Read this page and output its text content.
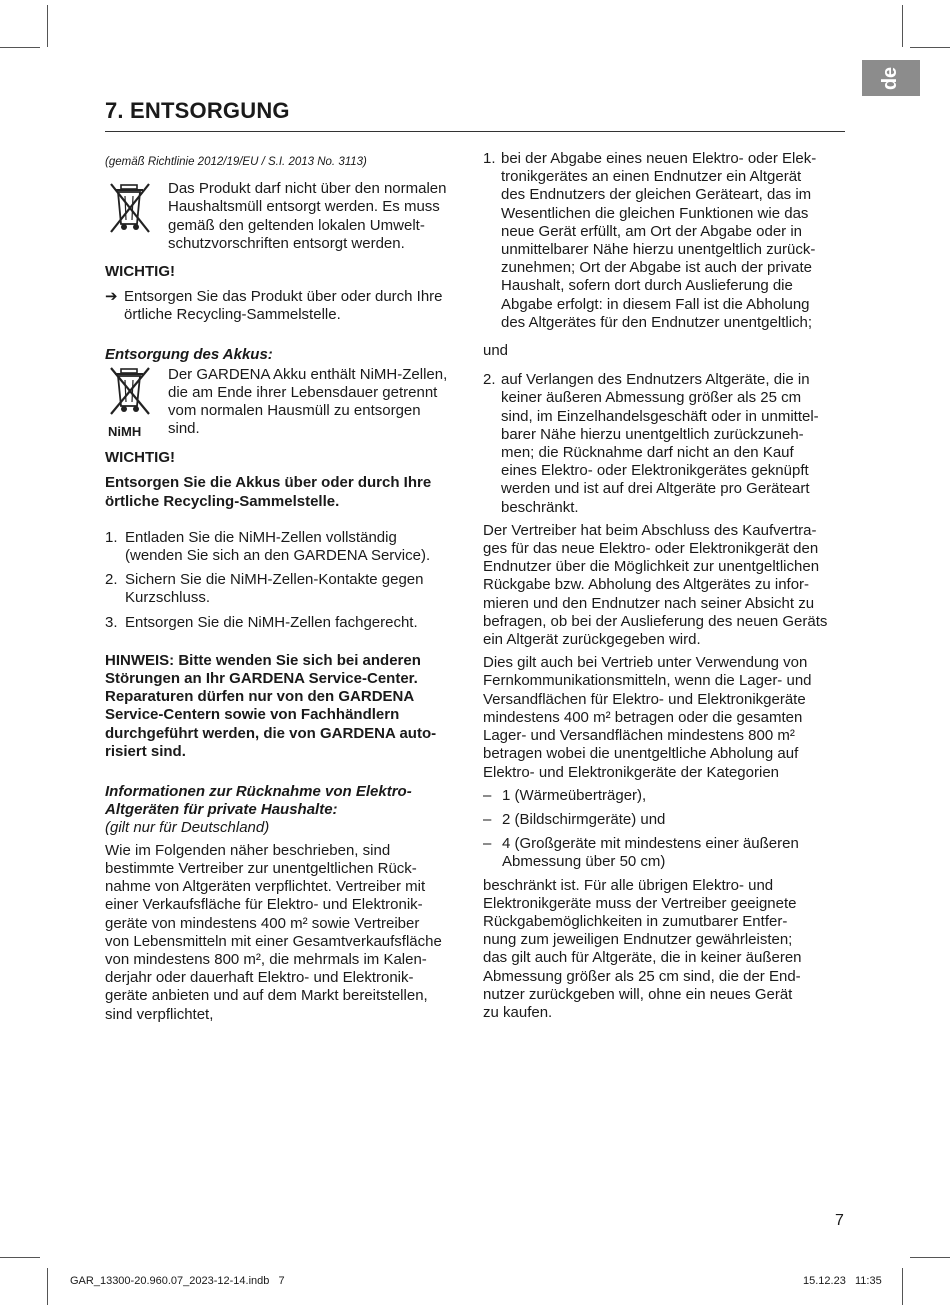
de
7. ENTSORGUNG

(gemäß Richtlinie 2012/19/EU / S.I. 2013 No. 3113)

Das Produkt darf nicht über den normalen
Haushaltsmüll entsorgt werden. Es muss
gemäß den geltenden lokalen Umwelt-
schutzvorschriften entsorgt werden.

WICHTIG!

➔ Entsorgen Sie das Produkt über oder durch Ihre
örtliche Recycling-Sammelstelle.

Entsorgung des Akkus:

NiMH
Der GARDENA Akku enthält NiMH-Zellen,
die am Ende ihrer Lebensdauer getrennt
vom normalen Hausmüll zu entsorgen
sind.

WICHTIG!

Entsorgen Sie die Akkus über oder durch Ihre
örtliche Recycling-Sammelstelle.
1. Entladen Sie die NiMH-Zellen vollständig
(wenden Sie sich an den GARDENA Service).
2. Sichern Sie die NiMH-Zellen-Kontakte gegen
Kurzschluss.
3. Entsorgen Sie die NiMH-Zellen fachgerecht.
HINWEIS: Bitte wenden Sie sich bei anderen
Störungen an Ihr GARDENA Service-Center.
Reparaturen dürfen nur von den GARDENA
Service-Centern sowie von Fachhändlern
durchgeführt werden, die von GARDENA auto-
risiert sind.
Informationen zur Rücknahme von Elektro-
Altgeräten für private Haushalte:

(gilt nur für Deutschland)

Wie im Folgenden näher beschrieben, sind
bestimmte Vertreiber zur unentgeltlichen Rück-
nahme von Altgeräten verpflichtet. Vertreiber mit
einer Verkaufsfläche für Elektro- und Elektronik-
geräte von mindestens 400 m² sowie Vertreiber
von Lebensmitteln mit einer Gesamtverkaufsfläche
von mindestens 800 m², die mehrmals im Kalen-
derjahr oder dauerhaft Elektro- und Elektronik-
geräte anbieten und auf dem Markt bereitstellen,
sind verpflichtet,
1. bei der Abgabe eines neuen Elektro- oder Elek-
tronikgerätes an einen Endnutzer ein Altgerät
des Endnutzers der gleichen Geräteart, das im
Wesentlichen die gleichen Funktionen wie das
neue Gerät erfüllt, am Ort der Abgabe oder in
unmittelbarer Nähe hierzu unentgeltlich zurück-
zunehmen; Ort der Abgabe ist auch der private
Haushalt, sofern dort durch Auslieferung die
Abgabe erfolgt: in diesem Fall ist die Abholung
des Altgerätes für den Endnutzer unentgeltlich;

und

2. auf Verlangen des Endnutzers Altgeräte, die in
keiner äußeren Abmessung größer als 25 cm
sind, im Einzelhandelsgeschäft oder in unmittel-
barer Nähe hierzu unentgeltlich zurückzuneh-
men; die Rücknahme darf nicht an den Kauf
eines Elektro- oder Elektronikgerätes geknüpft
werden und ist auf drei Altgeräte pro Geräteart
beschränkt.
Der Vertreiber hat beim Abschluss des Kaufvertra-
ges für das neue Elektro- oder Elektronikgerät den
Endnutzer über die Möglichkeit zur unentgeltlichen
Rückgabe bzw. Abholung des Altgerätes zu infor-
mieren und den Endnutzer nach seiner Absicht zu
befragen, ob bei der Auslieferung des neuen Geräts
ein Altgerät zurückgegeben wird.
Dies gilt auch bei Vertrieb unter Verwendung von
Fernkommunikationsmitteln, wenn die Lager- und
Versandflächen für Elektro- und Elektronikgeräte
mindestens 400 m² betragen oder die gesamten
Lager- und Versandflächen mindestens 800 m²
betragen wobei die unentgeltliche Abholung auf
Elektro- und Elektronikgeräte der Kategorien
– 1 (Wärmeüberträger),
– 2 (Bildschirmgeräte) und
– 4 (Großgeräte mit mindestens einer äußeren
Abmessung über 50 cm)
beschränkt ist. Für alle übrigen Elektro- und
Elektronikgeräte muss der Vertreiber geeignete
Rückgabemöglichkeiten in zumutbarer Entfer-
nung zum jeweiligen Endnutzer gewährleisten;
das gilt auch für Altgeräte, die in keiner äußeren
Abmessung größer als 25 cm sind, die der End-
nutzer zurückgeben will, ohne ein neues Gerät
zu kaufen.
7
GAR_13300-20.960.07_2023-12-14.indb   7	15.12.23   11:35
